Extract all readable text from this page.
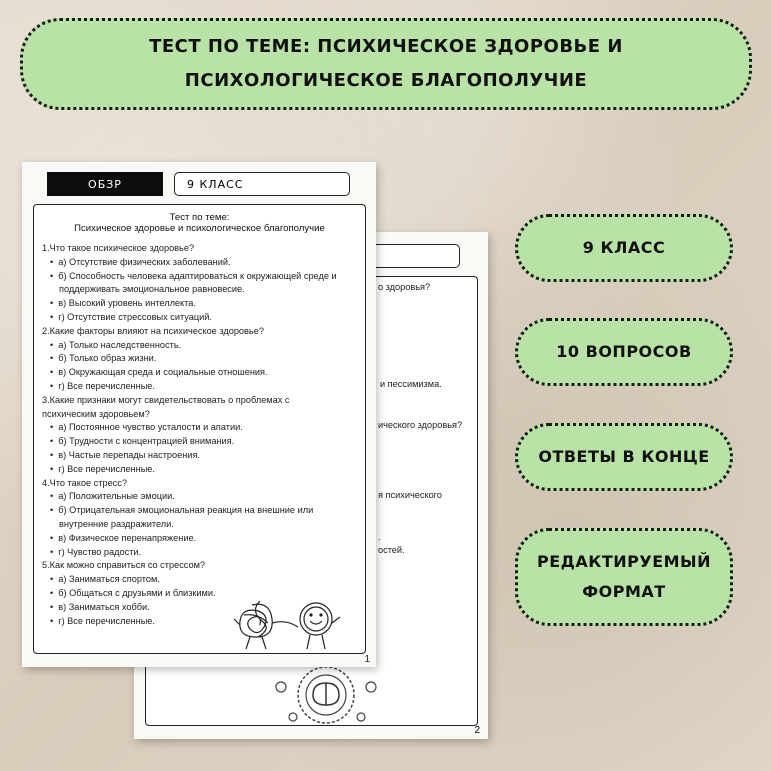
ТЕСТ ПО ТЕМЕ: ПСИХИЧЕСКОЕ ЗДОРОВЬЕ И ПСИХОЛОГИЧЕСКОЕ БЛАГОПОЛУЧИЕ
9 КЛАСС
10 ВОПРОСОВ
ОТВЕТЫ В КОНЦЕ
РЕДАКТИРУЕМЫЙ ФОРМАТ
о здоровья?
и пессимизма.
ического здоровья?
я психического
.
остей.
2
ОБЗР	9 КЛАСС
Тест по теме:
Психическое здоровье и психологическое благополучие
1.Что такое психическое здоровье?
• а) Отсутствие физических заболеваний.
• б) Способность человека адаптироваться к окружающей среде и
поддерживать эмоциональное равновесие.
• в) Высокий уровень интеллекта.
• г) Отсутствие стрессовых ситуаций.
2.Какие факторы влияют на психическое здоровье?
• а) Только наследственность.
• б) Только образ жизни.
• в) Окружающая среда и социальные отношения.
• г) Все перечисленные.
3.Какие признаки могут свидетельствовать о проблемах с психическим здоровьем?
• а) Постоянное чувство усталости и апатии.
• б) Трудности с концентрацией внимания.
• в) Частые перепады настроения.
• г) Все перечисленные.
4.Что такое стресс?
• а) Положительные эмоции.
• б) Отрицательная эмоциональная реакция на внешние или
внутренние раздражители.
• в) Физическое перенапряжение.
• г) Чувство радости.
5.Как можно справиться со стрессом?
• а) Заниматься спортом.
• б) Общаться с друзьями и близкими.
• в) Заниматься хобби.
• г) Все перечисленные.
1
